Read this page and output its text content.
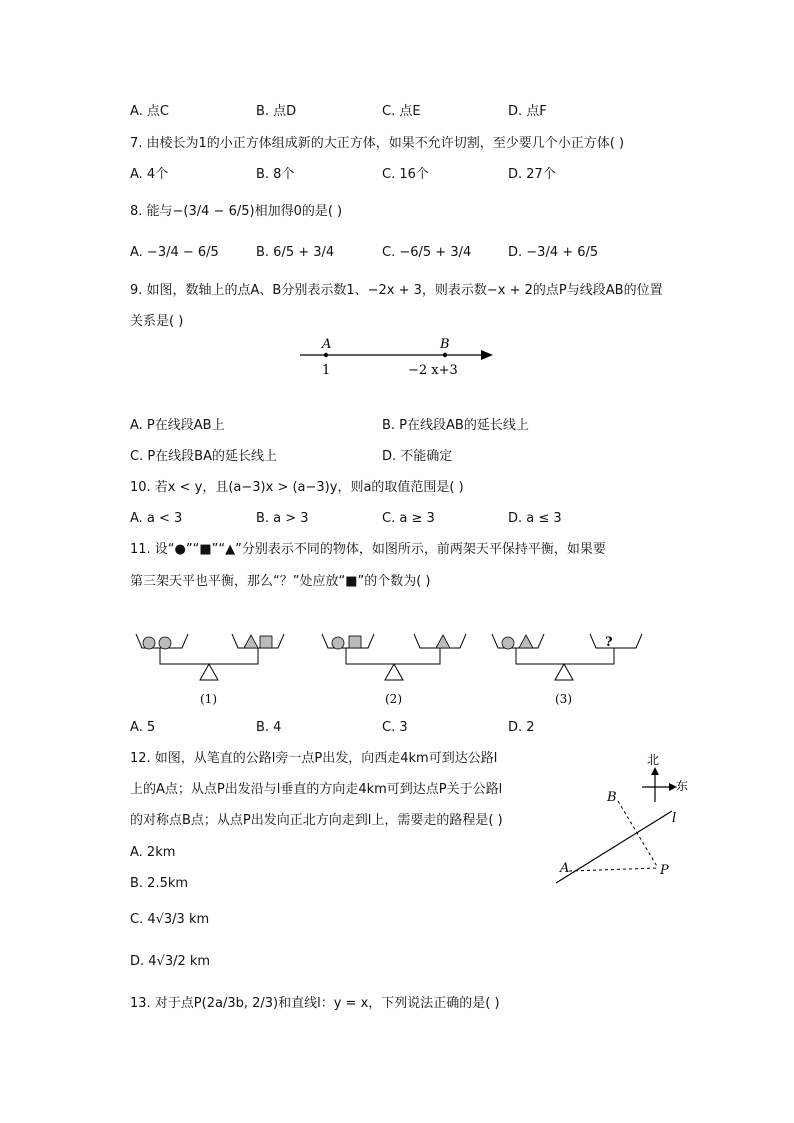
A. 点C	B. 点D	C. 点E	D. 点F
7. 由棱长为1的小正方体组成新的大正方体，如果不允许切割，至少要几个小正方体( )
A. 4个	B. 8个	C. 16个	D. 27个
8. 能与−(3/4 − 6/5)相加得0的是( )
A. −3/4 − 6/5	B. 6/5 + 3/4	C. −6/5 + 3/4	D. −3/4 + 6/5
9. 如图，数轴上的点A、B分别表示数1、−2x + 3，则表示数−x + 2的点P与线段AB的位置
关系是( )
A	B
1	−2 x+3
A. P在线段AB上	B. P在线段AB的延长线上
C. P在线段BA的延长线上	D. 不能确定
10. 若x < y，且(a−3)x > (a−3)y，则a的取值范围是( )
A. a < 3	B. a > 3	C. a ≥ 3	D. a ≤ 3
11. 设“●”“■”“▲”分别表示不同的物体，如图所示，前两架天平保持平衡，如果要
第三架天平也平衡，那么“？”处应放“■”的个数为( )
(1)	(2)
?
(3)
A. 5	B. 4	C. 3	D. 2
12. 如图，从笔直的公路l旁一点P出发，向西走4km可到达公路l
上的A点；从点P出发沿与l垂直的方向走4km可到达点P关于公路l
的对称点B点；从点P出发向正北方向走到l上，需要走的路程是( )
北
东
B
l
A	P
A. 2km
B. 2.5km
C. 4√3/3 km
D. 4√3/2 km
13. 对于点P(2a/3b, 2/3)和直线l：y = x，下列说法正确的是( )
